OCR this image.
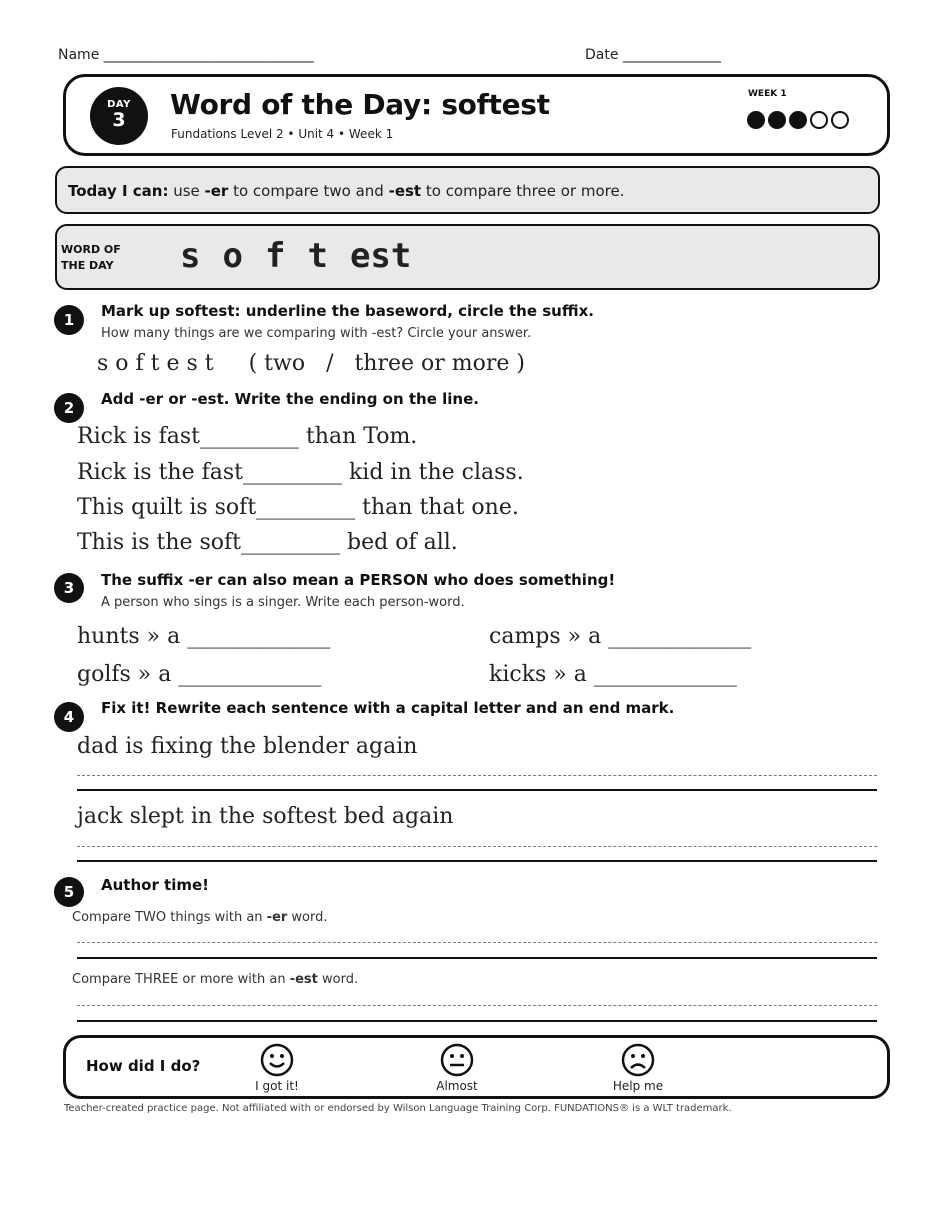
Name ______________________________	Date ______________
DAY
3	Word of the Day: softest
Fundations Level 2 • Unit 4 • Week 1
WEEK 1
Today I can: use -er to compare two and -est to compare three or more.
WORD OF
THE DAY s o f t est
1	Mark up softest: underline the baseword, circle the suffix.
How many things are we comparing with -est? Circle your answer.
s o f t e s t     ( two   /   three or more )
2	Add -er or -est. Write the ending on the line.
Rick is fast_________ than Tom.
Rick is the fast_________ kid in the class.
This quilt is soft_________ than that one.
This is the soft_________ bed of all.
3	The suffix -er can also mean a PERSON who does something!
A person who sings is a singer. Write each person-word.
hunts » a _____________	camps » a _____________
golfs » a _____________	kicks » a _____________
4	Fix it! Rewrite each sentence with a capital letter and an end mark.
dad is fixing the blender again
jack slept in the softest bed again
5	Author time!
Compare TWO things with an -er word.
Compare THREE or more with an -est word.
How did I do?
I got it!	Almost	Help me
Teacher-created practice page. Not affiliated with or endorsed by Wilson Language Training Corp. FUNDATIONS® is a WLT trademark.
